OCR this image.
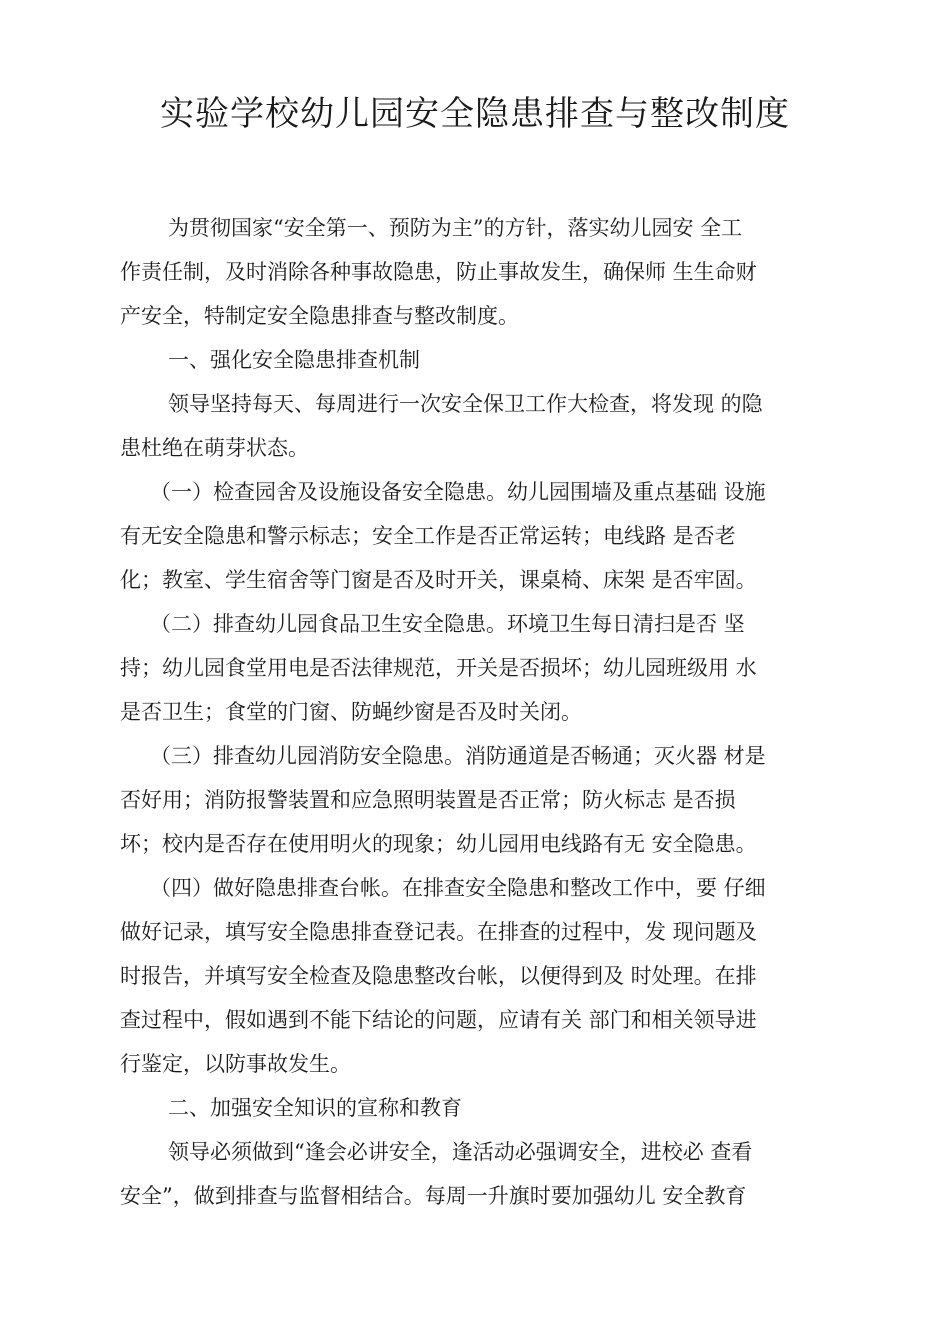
实验学校幼儿园安全隐患排查与整改制度
为贯彻国家“安全第一、预防为主”的方针，落实幼儿园安 全工
作责任制，及时消除各种事故隐患，防止事故发生，确保师 生生命财
产安全，特制定安全隐患排查与整改制度。
一、强化安全隐患排查机制
领导坚持每天、每周进行一次安全保卫工作大检查，将发现 的隐
患杜绝在萌芽状态。
（一）检查园舍及设施设备安全隐患。幼儿园围墙及重点基础 设施
有无安全隐患和警示标志；安全工作是否正常运转；电线路 是否老
化；教室、学生宿舍等门窗是否及时开关，课桌椅、床架 是否牢固。
（二）排查幼儿园食品卫生安全隐患。环境卫生每日清扫是否 坚
持；幼儿园食堂用电是否法律规范，开关是否损坏；幼儿园班级用 水
是否卫生；食堂的门窗、防蝇纱窗是否及时关闭。
（三）排查幼儿园消防安全隐患。消防通道是否畅通；灭火器 材是
否好用；消防报警装置和应急照明装置是否正常；防火标志 是否损
坏；校内是否存在使用明火的现象；幼儿园用电线路有无 安全隐患。
（四）做好隐患排查台帐。在排查安全隐患和整改工作中，要 仔细
做好记录，填写安全隐患排查登记表。在排查的过程中，发 现问题及
时报告，并填写安全检查及隐患整改台帐，以便得到及 时处理。在排
查过程中，假如遇到不能下结论的问题，应请有关 部门和相关领导进
行鉴定，以防事故发生。
二、加强安全知识的宣称和教育
领导必须做到“逢会必讲安全，逢活动必强调安全，进校必 查看
安全”，做到排查与监督相结合。每周一升旗时要加强幼儿 安全教育
